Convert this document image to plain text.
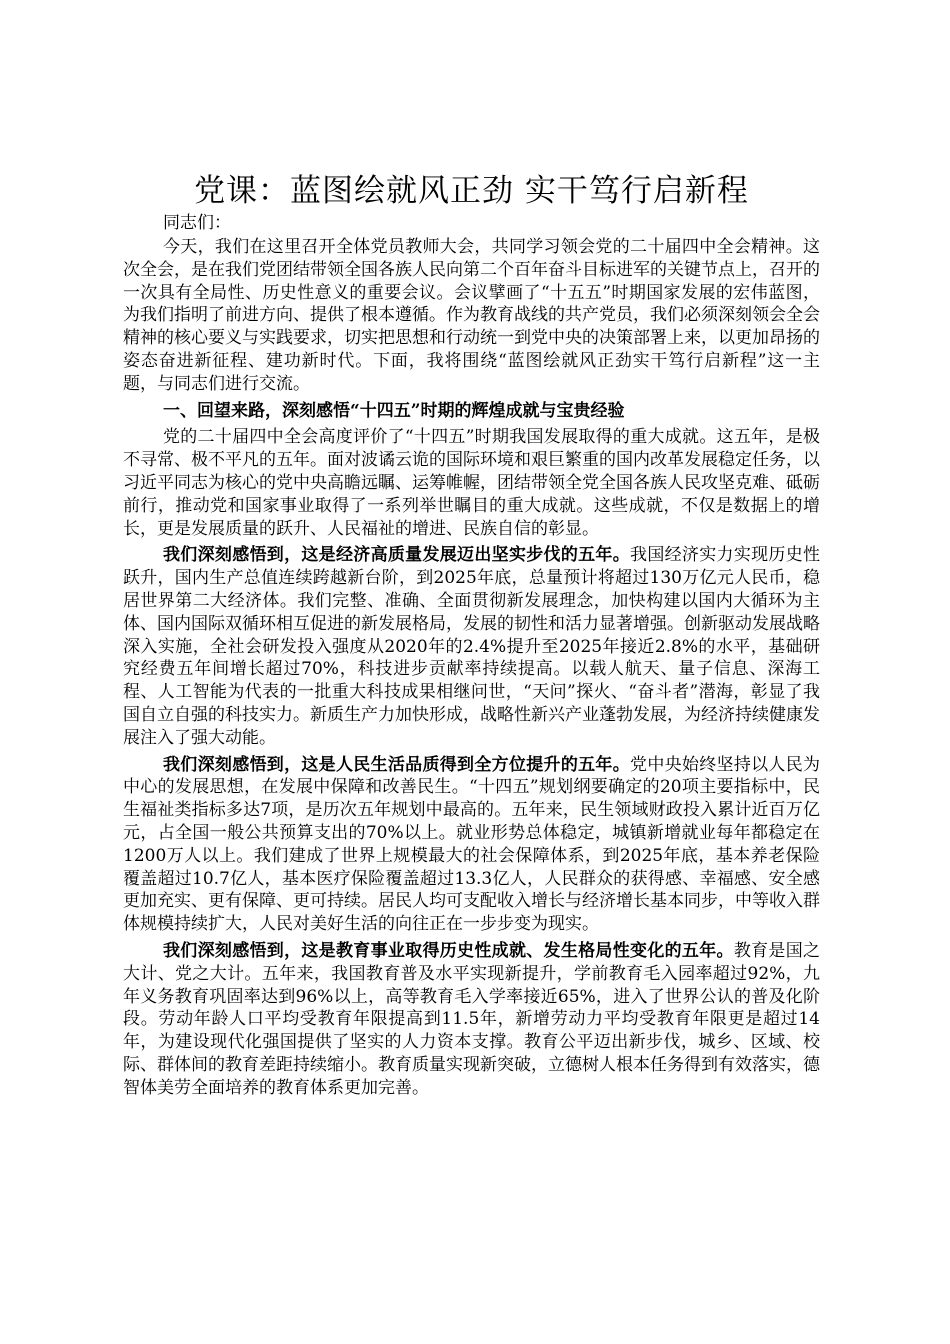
党课：蓝图绘就风正劲 实干笃行启新程

同志们：

今天，我们在这里召开全体党员教师大会，共同学习领会党的二十届四中全会精神。这次全会，是在我们党团结带领全国各族人民向第二个百年奋斗目标进军的关键节点上，召开的一次具有全局性、历史性意义的重要会议。会议擘画了“十五五”时期国家发展的宏伟蓝图，为我们指明了前进方向、提供了根本遵循。作为教育战线的共产党员，我们必须深刻领会全会精神的核心要义与实践要求，切实把思想和行动统一到党中央的决策部署上来，以更加昂扬的姿态奋进新征程、建功新时代。下面，我将围绕“蓝图绘就风正劲实干笃行启新程”这一主题，与同志们进行交流。

一、回望来路，深刻感悟“十四五”时期的辉煌成就与宝贵经验

党的二十届四中全会高度评价了“十四五”时期我国发展取得的重大成就。这五年，是极不寻常、极不平凡的五年。面对波谲云诡的国际环境和艰巨繁重的国内改革发展稳定任务，以习近平同志为核心的党中央高瞻远瞩、运筹帷幄，团结带领全党全国各族人民攻坚克难、砥砺前行，推动党和国家事业取得了一系列举世瞩目的重大成就。这些成就，不仅是数据上的增长，更是发展质量的跃升、人民福祉的增进、民族自信的彰显。

我们深刻感悟到，这是经济高质量发展迈出坚实步伐的五年。我国经济实力实现历史性跃升，国内生产总值连续跨越新台阶，到2025年底，总量预计将超过130万亿元人民币，稳居世界第二大经济体。我们完整、准确、全面贯彻新发展理念，加快构建以国内大循环为主体、国内国际双循环相互促进的新发展格局，发展的韧性和活力显著增强。创新驱动发展战略深入实施，全社会研发投入强度从2020年的2.4%提升至2025年接近2.8%的水平，基础研究经费五年间增长超过70%，科技进步贡献率持续提高。以载人航天、量子信息、深海工程、人工智能为代表的一批重大科技成果相继问世，“天问”探火、“奋斗者”潜海，彰显了我国自立自强的科技实力。新质生产力加快形成，战略性新兴产业蓬勃发展，为经济持续健康发展注入了强大动能。

我们深刻感悟到，这是人民生活品质得到全方位提升的五年。党中央始终坚持以人民为中心的发展思想，在发展中保障和改善民生。“十四五”规划纲要确定的20项主要指标中，民生福祉类指标多达7项，是历次五年规划中最高的。五年来，民生领域财政投入累计近百万亿元，占全国一般公共预算支出的70%以上。就业形势总体稳定，城镇新增就业每年都稳定在1200万人以上。我们建成了世界上规模最大的社会保障体系，到2025年底，基本养老保险覆盖超过10.7亿人，基本医疗保险覆盖超过13.3亿人，人民群众的获得感、幸福感、安全感更加充实、更有保障、更可持续。居民人均可支配收入增长与经济增长基本同步，中等收入群体规模持续扩大，人民对美好生活的向往正在一步步变为现实。

我们深刻感悟到，这是教育事业取得历史性成就、发生格局性变化的五年。教育是国之大计、党之大计。五年来，我国教育普及水平实现新提升，学前教育毛入园率超过92%，九年义务教育巩固率达到96%以上，高等教育毛入学率接近65%，进入了世界公认的普及化阶段。劳动年龄人口平均受教育年限提高到11.5年，新增劳动力平均受教育年限更是超过14年，为建设现代化强国提供了坚实的人力资本支撑。教育公平迈出新步伐，城乡、区域、校际、群体间的教育差距持续缩小。教育质量实现新突破，立德树人根本任务得到有效落实，德智体美劳全面培养的教育体系更加完善。
